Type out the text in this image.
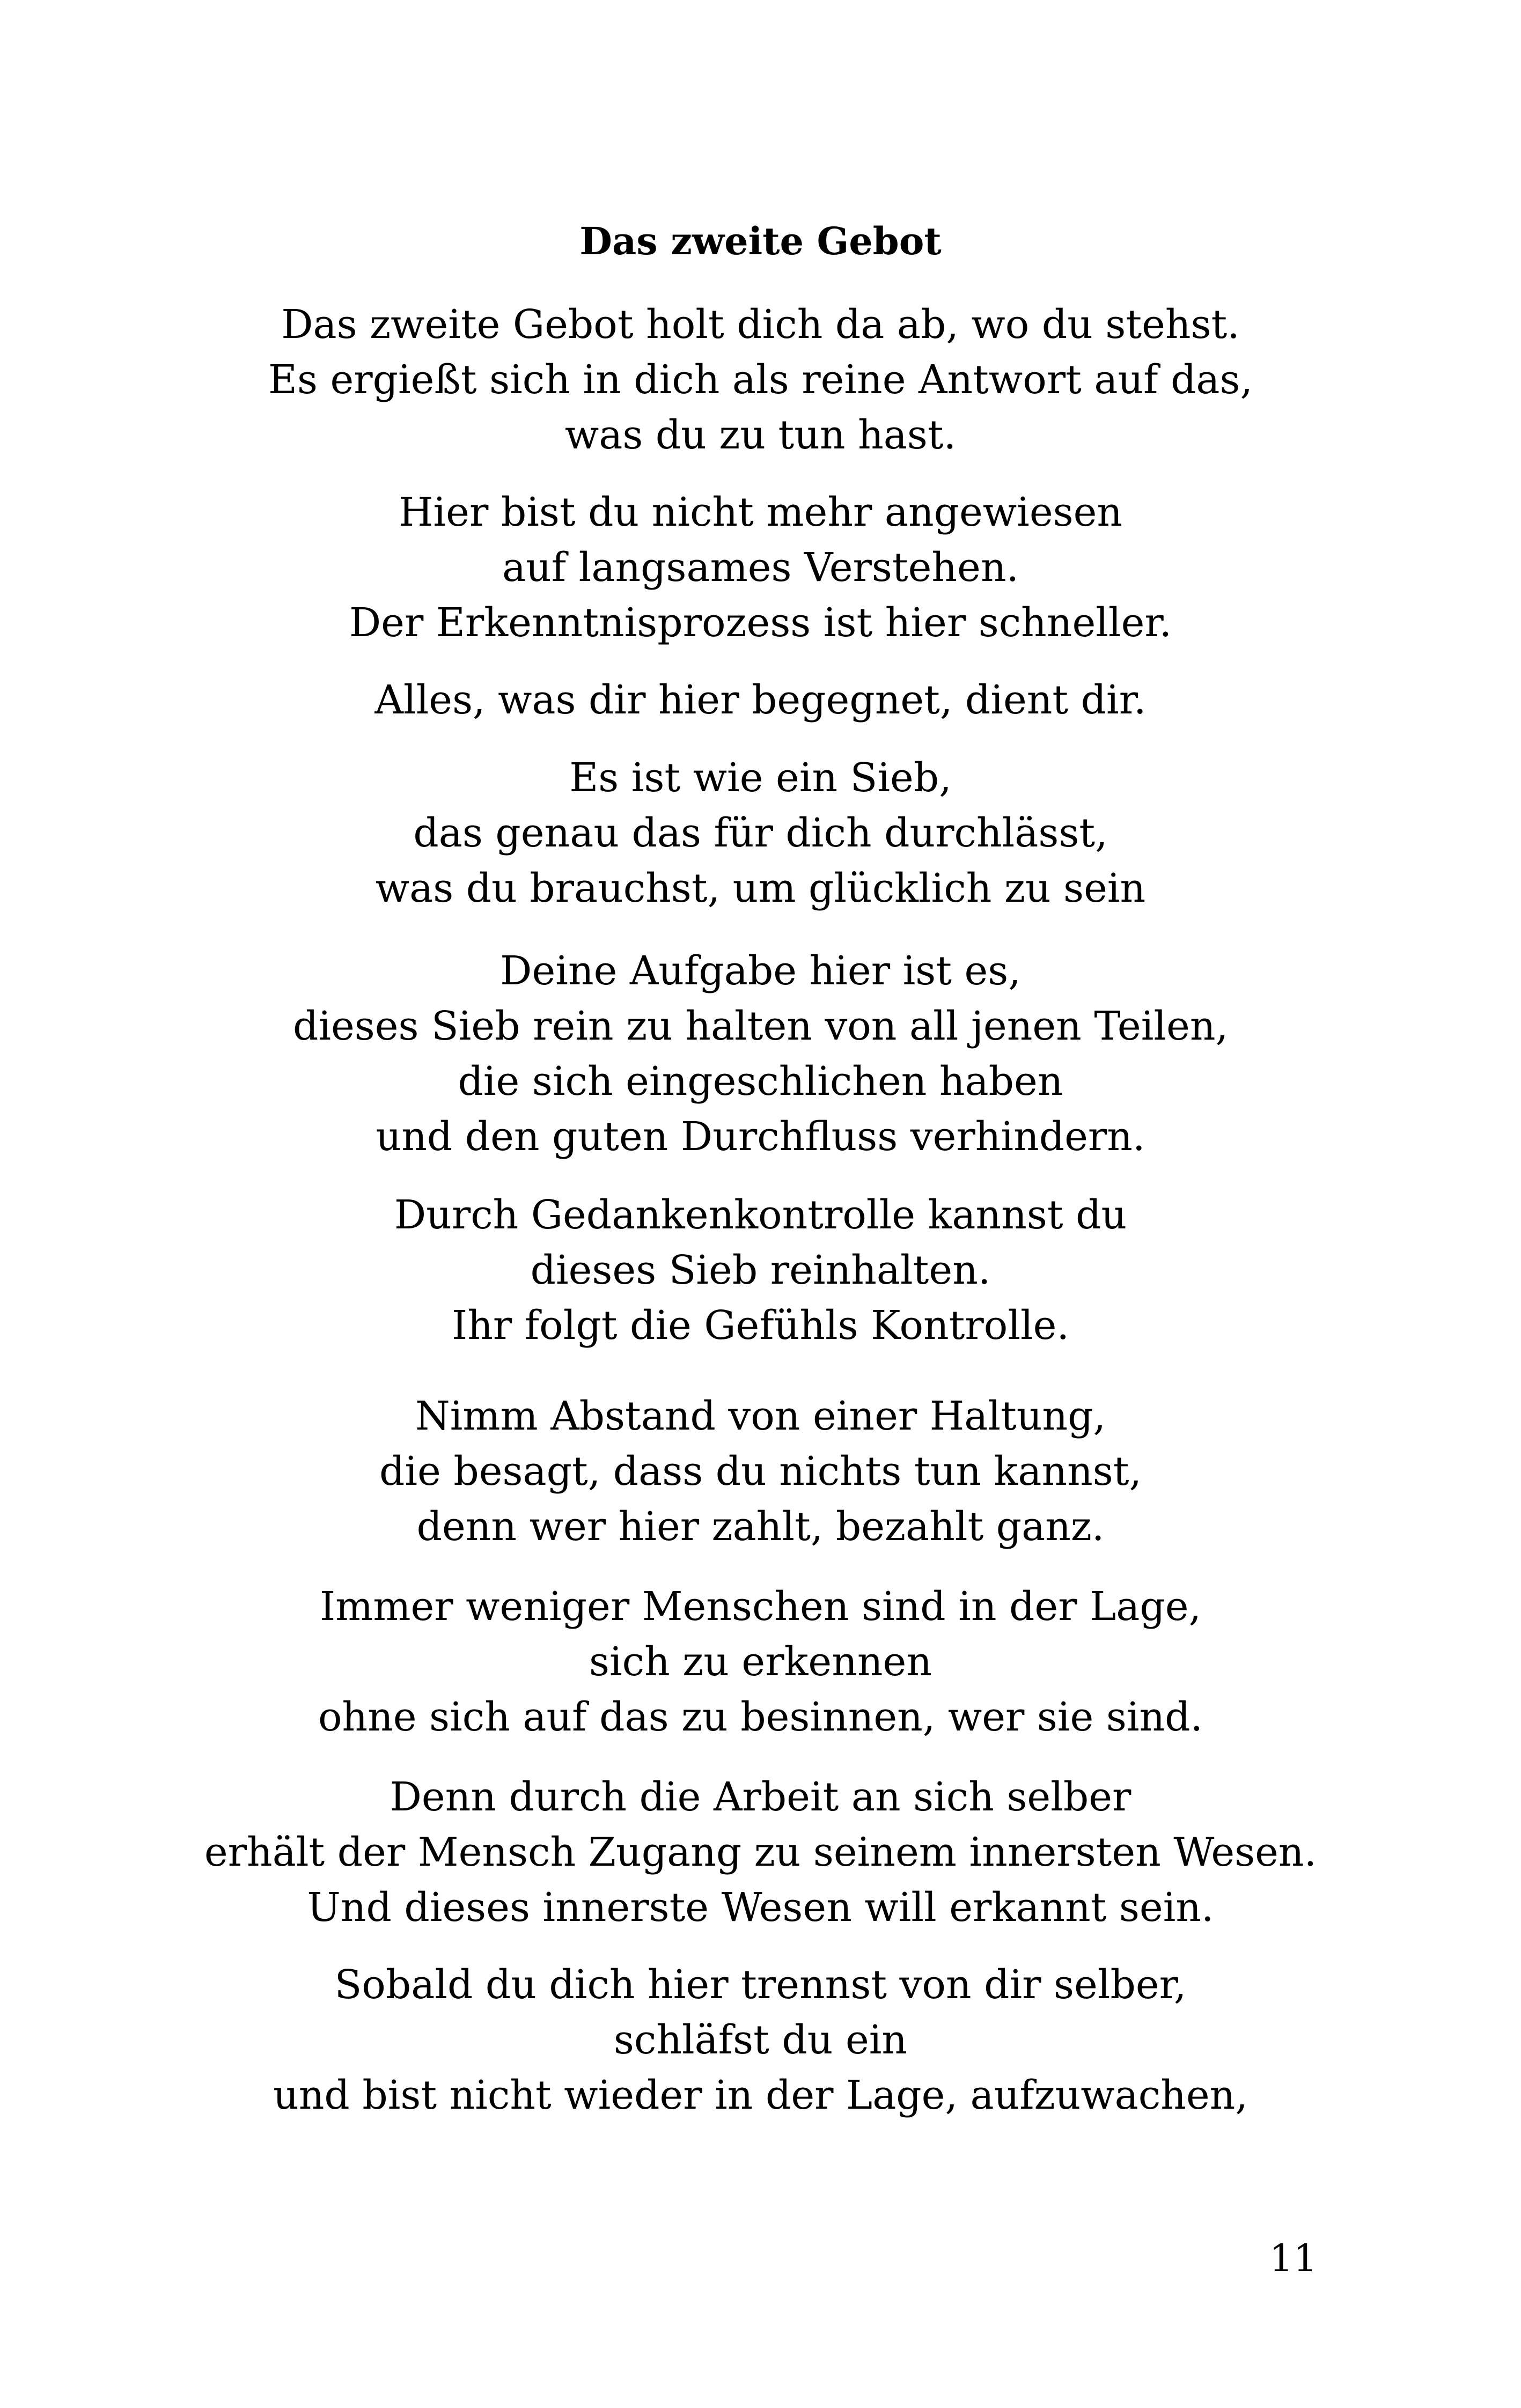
Das zweite Gebot
Das zweite Gebot holt dich da ab, wo du stehst.
Es ergießt sich in dich als reine Antwort auf das,
was du zu tun hast.
Hier bist du nicht mehr angewiesen
auf langsames Verstehen.
Der Erkenntnisprozess ist hier schneller.
Alles, was dir hier begegnet, dient dir.
Es ist wie ein Sieb,
das genau das für dich durchlässt,
was du brauchst, um glücklich zu sein
Deine Aufgabe hier ist es,
dieses Sieb rein zu halten von all jenen Teilen,
die sich eingeschlichen haben
und den guten Durchfluss verhindern.
Durch Gedankenkontrolle kannst du
dieses Sieb reinhalten.
Ihr folgt die Gefühls Kontrolle.
Nimm Abstand von einer Haltung,
die besagt, dass du nichts tun kannst,
denn wer hier zahlt, bezahlt ganz.
Immer weniger Menschen sind in der Lage,
sich zu erkennen
ohne sich auf das zu besinnen, wer sie sind.
Denn durch die Arbeit an sich selber
erhält der Mensch Zugang zu seinem innersten Wesen.
Und dieses innerste Wesen will erkannt sein.
Sobald du dich hier trennst von dir selber,
schläfst du ein
und bist nicht wieder in der Lage, aufzuwachen,
11
